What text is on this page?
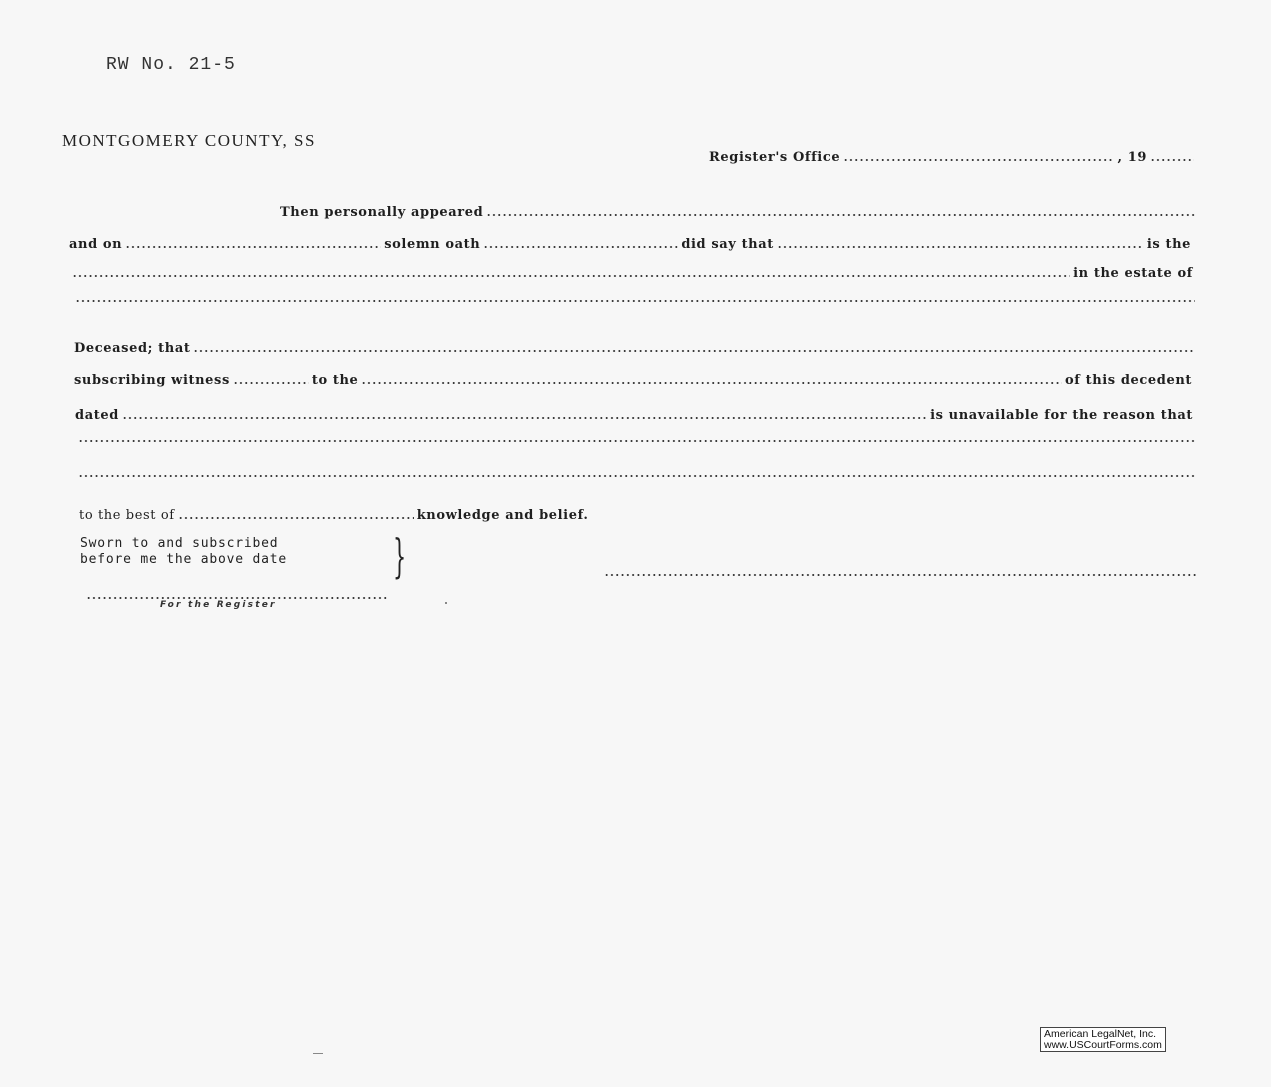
RW No. 21-5
MONTGOMERY COUNTY, SS
Register's Office	, 19
Then personally appeared
and on	solemn oath	did say that	is the
in the estate of
Deceased; that
subscribing witness	to the	of this decedent
dated	is unavailable for the reason that
to the best of	knowledge and belief.
Sworn to and subscribed
before me the above date }
For the Register
American LegalNet, Inc.
www.USCourtForms.com
